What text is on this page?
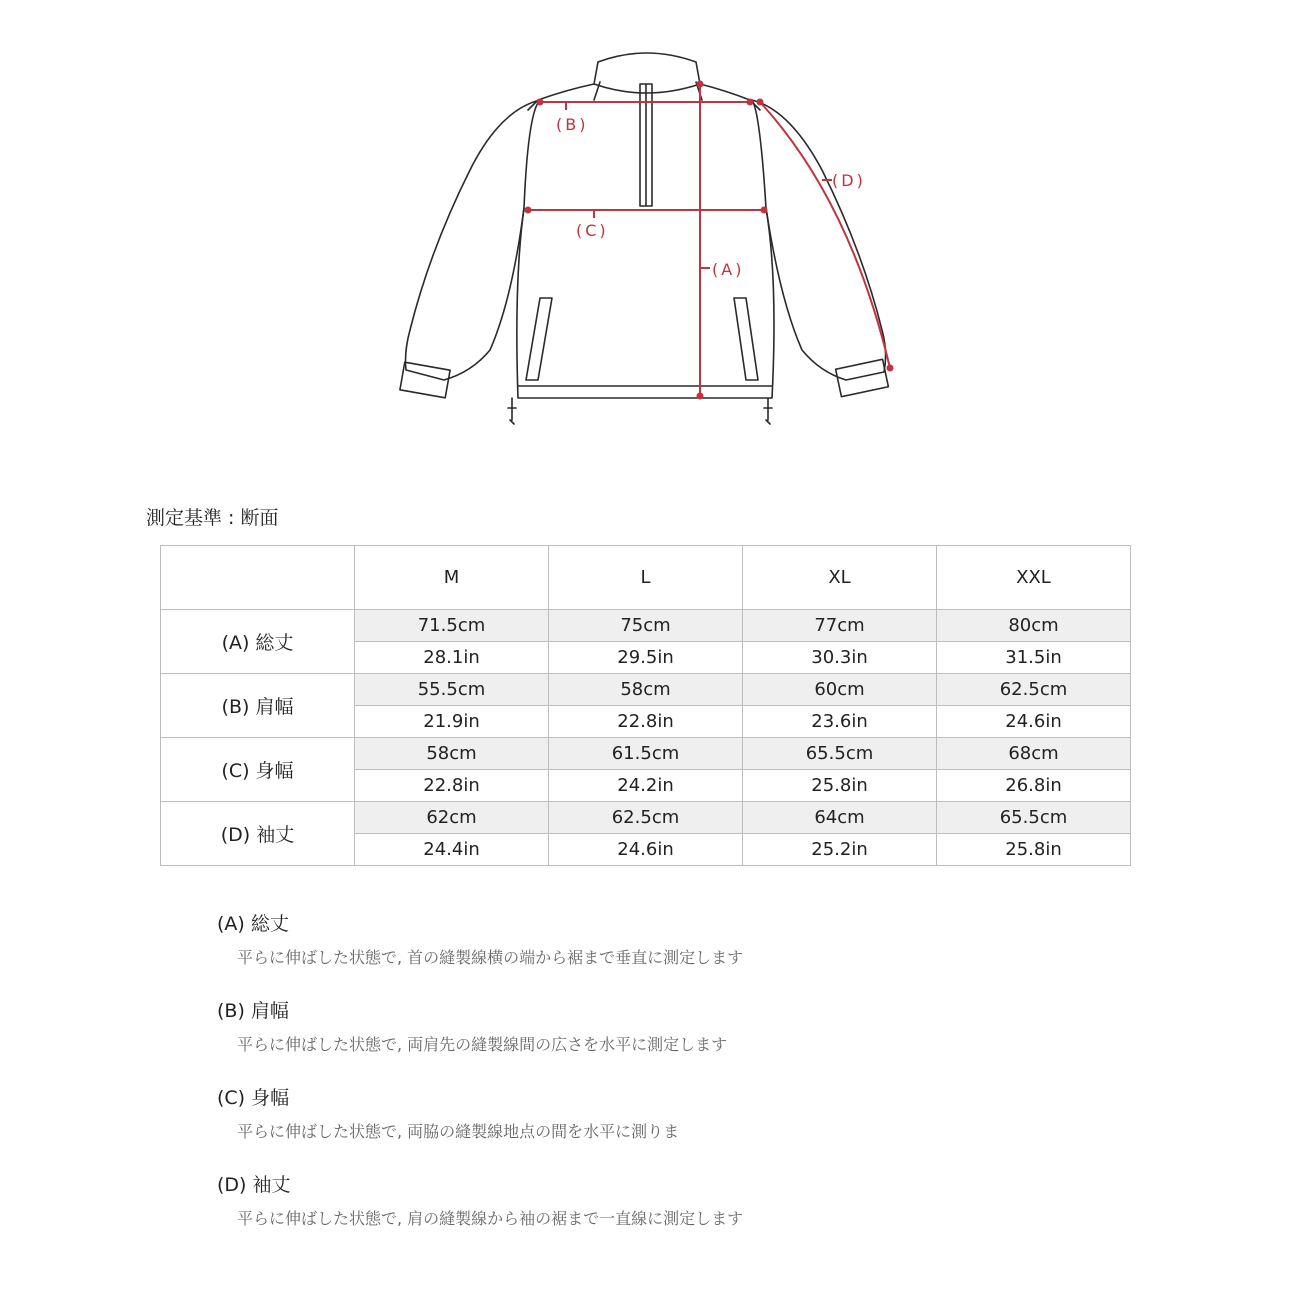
(B)
(C)
(A)
(D)
測定基準 : 断面
	M	L	XL	XXL
(A) 総丈	71.5cm	75cm	77cm	80cm
	28.1in	29.5in	30.3in	31.5in
(B) 肩幅	55.5cm	58cm	60cm	62.5cm
	21.9in	22.8in	23.6in	24.6in
(C) 身幅	58cm	61.5cm	65.5cm	68cm
	22.8in	24.2in	25.8in	26.8in
(D) 袖丈	62cm	62.5cm	64cm	65.5cm
	24.4in	24.6in	25.2in	25.8in
(A) 総丈
平らに伸ばした状態で, 首の縫製線横の端から裾まで垂直に測定します
(B) 肩幅
平らに伸ばした状態で, 両肩先の縫製線間の広さを水平に測定します
(C) 身幅
平らに伸ばした状態で, 両脇の縫製線地点の間を水平に測りま
(D) 袖丈
平らに伸ばした状態で, 肩の縫製線から袖の裾まで一直線に測定します
